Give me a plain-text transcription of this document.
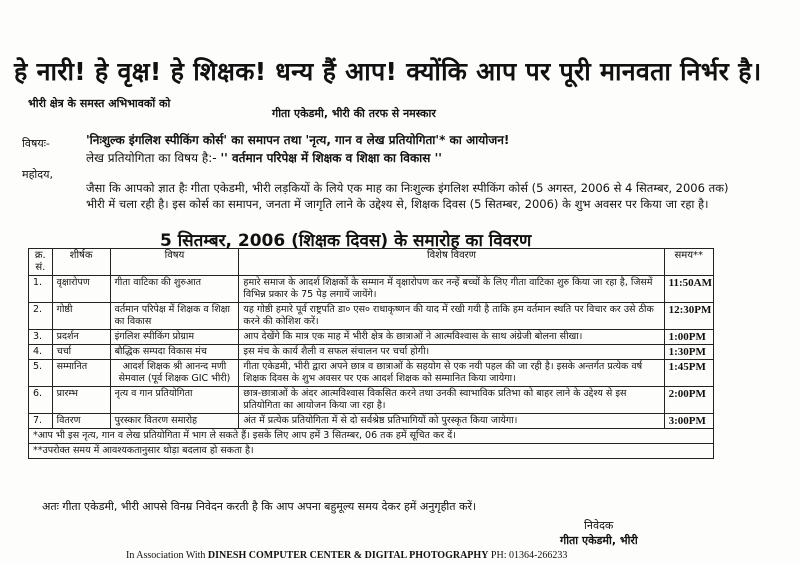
हे नारी! हे वृक्ष! हे शिक्षक! धन्य हैं आप! क्योंकि आप पर पूरी मानवता निर्भर है।
भीरी क्षेत्र के समस्त अभिभावकों को
गीता एकेडमी, भीरी की तरफ से नमस्कार
विषयः-	'निःशुल्क इंगलिश स्पीकिंग कोर्स' का समापन तथा 'नृत्य, गान व लेख प्रतियोगिता'* का आयोजन!
लेख प्रतियोगिता का विषय है:- '' वर्तमान परिपेक्ष में शिक्षक व शिक्षा का विकास ''
महोदय,
जैसा कि आपको ज्ञात हैः गीता एकेडमी, भीरी लड़कियों के लिये एक माह का निःशुल्क इंगलिश स्पीकिंग कोर्स (5 अगस्त, 2006 से 4 सितम्बर, 2006 तक) भीरी में चला रही है। इस कोर्स का समापन, जनता में जागृति लाने के उद्देश्य से, शिक्षक दिवस (5 सितम्बर, 2006) के शुभ अवसर पर किया जा रहा है।
5 सितम्बर, 2006 (शिक्षक दिवस) के समारोह का विवरण
क्र. सं.	शीर्षक	विषय	विशेष विवरण	समय**
1.	वृक्षारोपण	गीता वाटिका की शुरुआत	हमारे समाज के आदर्श शिक्षकों के सम्मान में वृक्षारोपण कर नन्हें बच्चों के लिए गीता वाटिका शुरु किया जा रहा है, जिसमें विभिन्न प्रकार के 75 पेड़ लगायें जायेंगे।	11:50AM
2.	गोष्ठी	वर्तमान परिपेक्ष में शिक्षक व शिक्षा का विकास	यह गोष्ठी हमारे पूर्व राष्ट्रपति डा० एस० राधाकृष्णन की याद में रखी गयी है ताकि हम वर्तमान स्थति पर विचार कर उसे ठीक करने की कोशिश करें।	12:30PM
3.	प्रदर्शन	इंगलिश स्पीकिंग प्रोग्राम	आप देखेंगे कि मात्र एक माह में भीरी क्षेत्र के छात्राओं ने आत्मविश्वास के साथ अंग्रेजी बोलना सीखा।	1:00PM
4.	चर्चा	बौद्धिक सम्पदा विकास मंच	इस मंच के कार्य शैली व सफल संचालन पर चर्चा होगी।	1:30PM
5.	सम्मानित	आदर्श शिक्षक श्री आनन्द मणी सेमवाल (पूर्व शिक्षक GIC भीरी)	गीता एकेडमी, भीरी द्वारा अपने छात्र व छात्राओं के सहयोग से एक नयी पहल की जा रही है। इसके अन्तर्गत प्रत्येक वर्ष शिक्षक दिवस के शुभ अवसर पर एक आदर्श शिक्षक को सम्मानित किया जायेगा।	1:45PM
6.	प्रारम्भ	नृत्य व गान प्रतियोगिता	छात्र-छात्राओं के अंदर आत्मविश्वास विकसित करने तथा उनकी स्वाभाविक प्रतिभा को बाहर लाने के उद्देश्य से इस प्रतियोगिता का आयोजन किया जा रहा है।	2:00PM
7.	वितरण	पुरस्कार वितरण समारोह	अंत में प्रत्येक प्रतियोगिता में से दो सर्वश्रेष्ठ प्रतिभागियों को पुरस्कृत किया जायेगा।	3:00PM
*आप भी इस नृत्य, गान व लेख प्रतियोगिता में भाग ले सकते हैं। इसके लिए आप हमें 3 सितम्बर, 06 तक हमें सूचित कर दें।				
**उपरोक्त समय में आवश्यकतानुसार थोड़ा बदलाव हो सकता है।				
अतः गीता एकेडमी, भीरी आपसे विनम्र निवेदन करती है कि आप अपना बहुमूल्य समय देकर हमें अनुगृहीत करें।
निवेदक
गीता एकेडमी, भीरी
In Association With DINESH COMPUTER CENTER & DIGITAL PHOTOGRAPHY PH: 01364-266233
